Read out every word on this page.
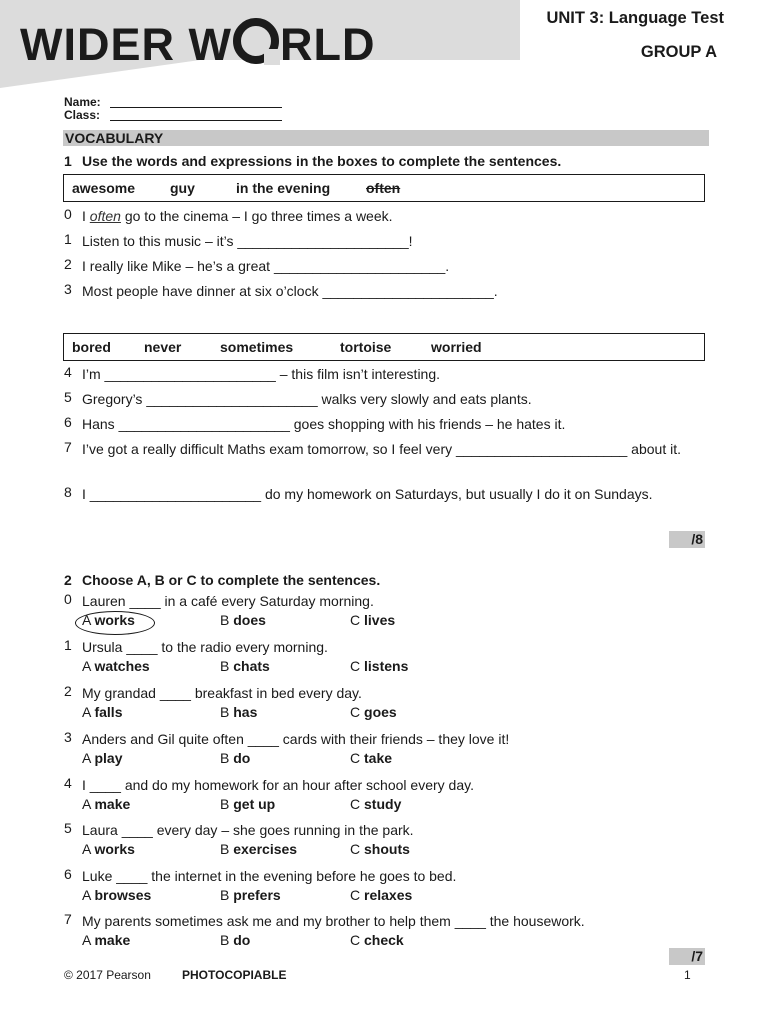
WIDER W RLD
UNIT 3: Language Test
GROUP A
Name:
Class:
VOCABULARY
1 Use the words and expressions in the boxes to complete the sentences.
awesome guy	in the evening	often
0 I often go to the cinema – I go three times a week.
1 Listen to this music – it’s ______________________!
2 I really like Mike – he’s a great ______________________.
3 Most people have dinner at six o’clock ______________________.
bored never	sometimes	tortoise	worried
4 I’m ______________________ – this film isn’t interesting.
5 Gregory’s ______________________ walks very slowly and eats plants.
6 Hans ______________________ goes shopping with his friends – he hates it.
7 I’ve got a really difficult Maths exam tomorrow, so I feel very ______________________ about it.
8 I ______________________ do my homework on Saturdays, but usually I do it on Sundays.
/8
2 Choose A, B or C to complete the sentences.
0 Lauren ____ in a café every Saturday morning.
A works	B does	C lives
1 Ursula ____ to the radio every morning.
A watches	B chats	C listens
2 My grandad ____ breakfast in bed every day.
A falls	B has	C goes
3 Anders and Gil quite often ____ cards with their friends – they love it!
A play	B do	C take
4 I ____ and do my homework for an hour after school every day.
A make	B get up	C study
5 Laura ____ every day – she goes running in the park.
A works	B exercises	C shouts
6 Luke ____ the internet in the evening before he goes to bed.
A browses	B prefers	C relaxes
7 My parents sometimes ask me and my brother to help them ____ the housework.
A make	B do	C check
/7
© 2017 Pearson	PHOTOCOPIABLE	1
